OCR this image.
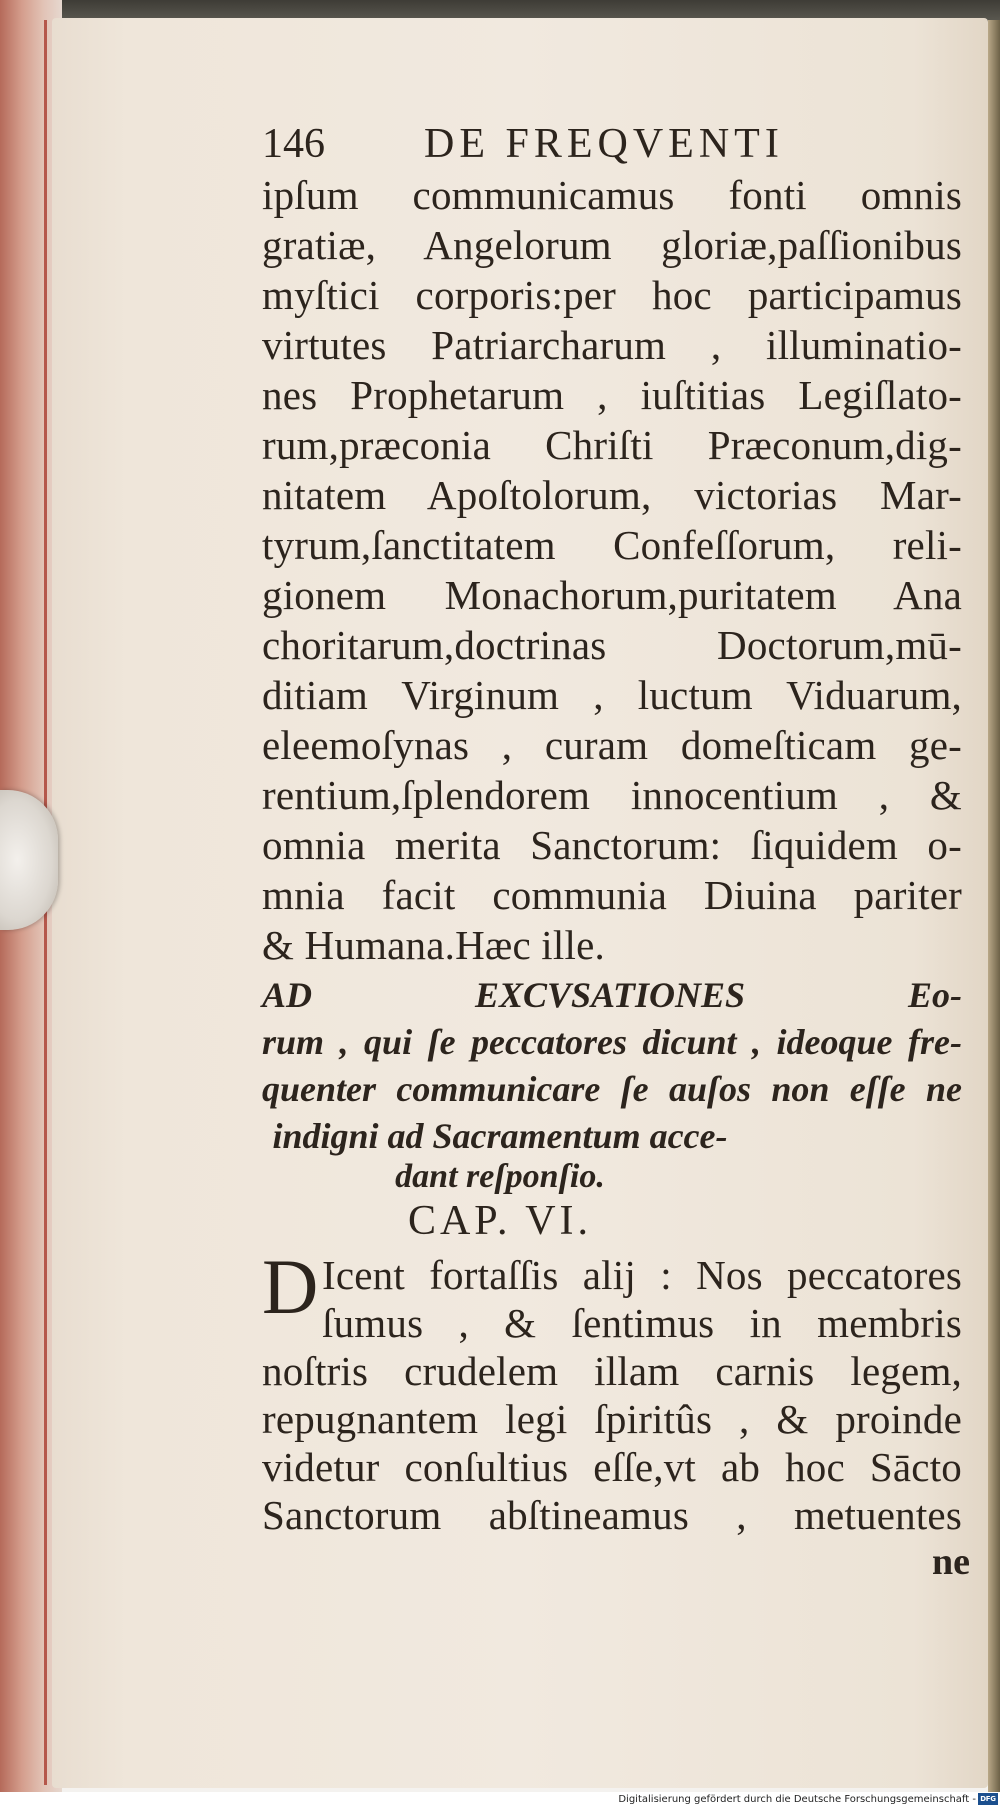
146 DE FREQVENTI
ipſum communicamus fonti omnis
gratiæ, Angelorum gloriæ,paſſionibus
myſtici corporis:per hoc participamus
virtutes Patriarcharum , illuminatio-
nes Prophetarum , iuſtitias Legiſlato-
rum,præconia Chriſti Præconum,dig-
nitatem Apoſtolorum, victorias Mar-
tyrum,ſanctitatem Confeſſorum, reli-
gionem Monachorum,puritatem Ana
choritarum,doctrinas Doctorum,mū-
ditiam Virginum , luctum Viduarum,
eleemoſynas , curam domeſticam ge-
rentium,ſplendorem innocentium , &
omnia merita Sanctorum: ſiquidem o-
mnia facit communia Diuina pariter
& Humana.Hæc ille.
AD EXCVSATIONES Eo-
rum , qui ſe peccatores dicunt , ideoque fre-
quenter communicare ſe auſos non eſſe ne
indigni ad Sacramentum acce-
dant reſponſio.
CAP. VI.
D Icent fortaſſis alij : Nos peccatores
ſumus , & ſentimus in membris
noſtris crudelem illam carnis legem,
repugnantem legi ſpiritûs , & proinde
videtur conſultius eſſe,vt ab hoc Sācto
Sanctorum abſtineamus , metuentes
ne
Digitalisierung gefördert durch die Deutsche Forschungsgemeinschaft - DFG
